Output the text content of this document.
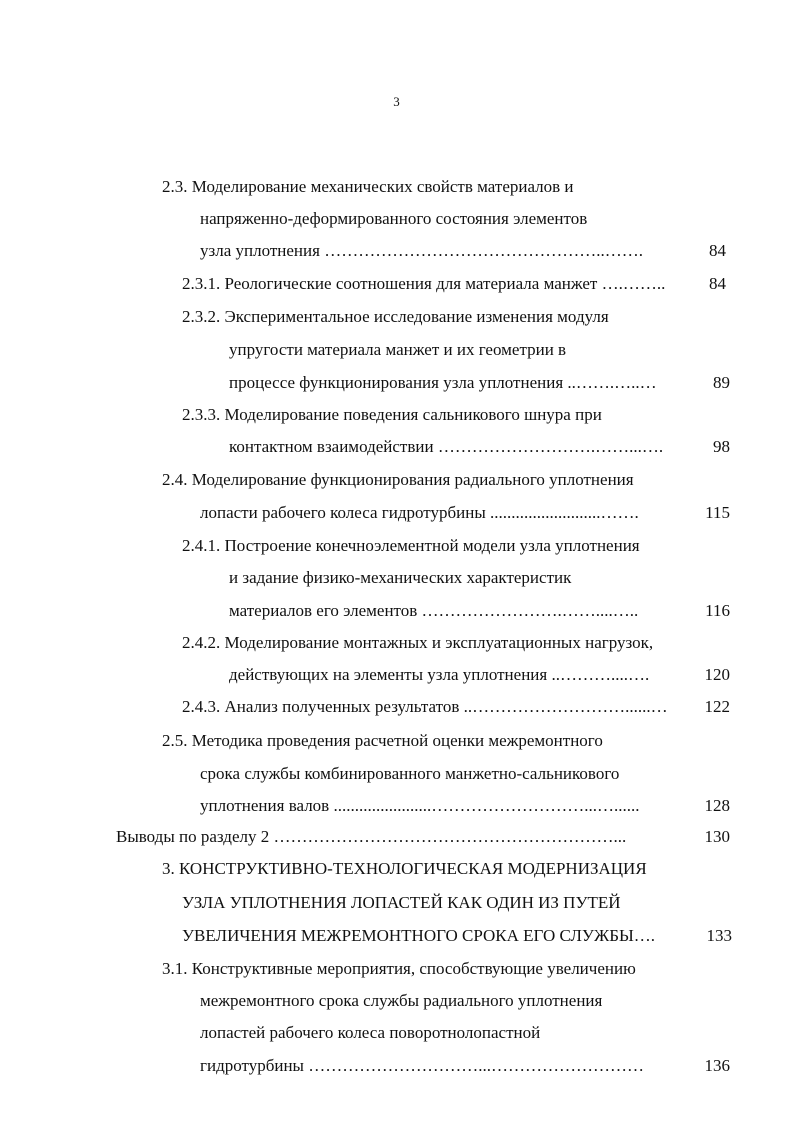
3
2.3. Моделирование механических свойств материалов и
напряженно-деформированного состояния элементов
узла уплотнения …………………………………………..…….	84
2.3.1. Реологические соотношения для материала манжет ….……..	84
2.3.2. Экспериментальное исследование изменения модуля
упругости материала манжет и их геометрии в
процессе функционирования узла уплотнения ..…….…..…	89
2.3.3. Моделирование поведения сальникового шнура при
контактном взаимодействии ……………………….……...….	98
2.4. Моделирование функционирования радиального уплотнения
лопасти рабочего колеса гидротурбины ..........................…….	115
2.4.1. Построение конечноэлементной модели узла уплотнения
и задание физико-механических характеристик
материалов его элементов …………………….……....…..	116
2.4.2. Моделирование монтажных и эксплуатационных нагрузок,
действующих на элементы узла уплотнения ..………....….	120
2.4.3. Анализ полученных результатов ..………………………......…	122
2.5. Методика проведения расчетной оценки межремонтного
срока службы комбинированного манжетно-сальникового
уплотнения валов .......................………………………...…......	128
Выводы по разделу 2 ……………………………………………………...	130
3. КОНСТРУКТИВНО-ТЕХНОЛОГИЧЕСКАЯ МОДЕРНИЗАЦИЯ
УЗЛА УПЛОТНЕНИЯ ЛОПАСТЕЙ КАК ОДИН ИЗ ПУТЕЙ
УВЕЛИЧЕНИЯ МЕЖРЕМОНТНОГО СРОКА ЕГО СЛУЖБЫ….	133
3.1. Конструктивные мероприятия, способствующие увеличению
межремонтного срока службы радиального уплотнения
лопастей рабочего колеса поворотнолопастной
гидротурбины …………………………...………………………	136
